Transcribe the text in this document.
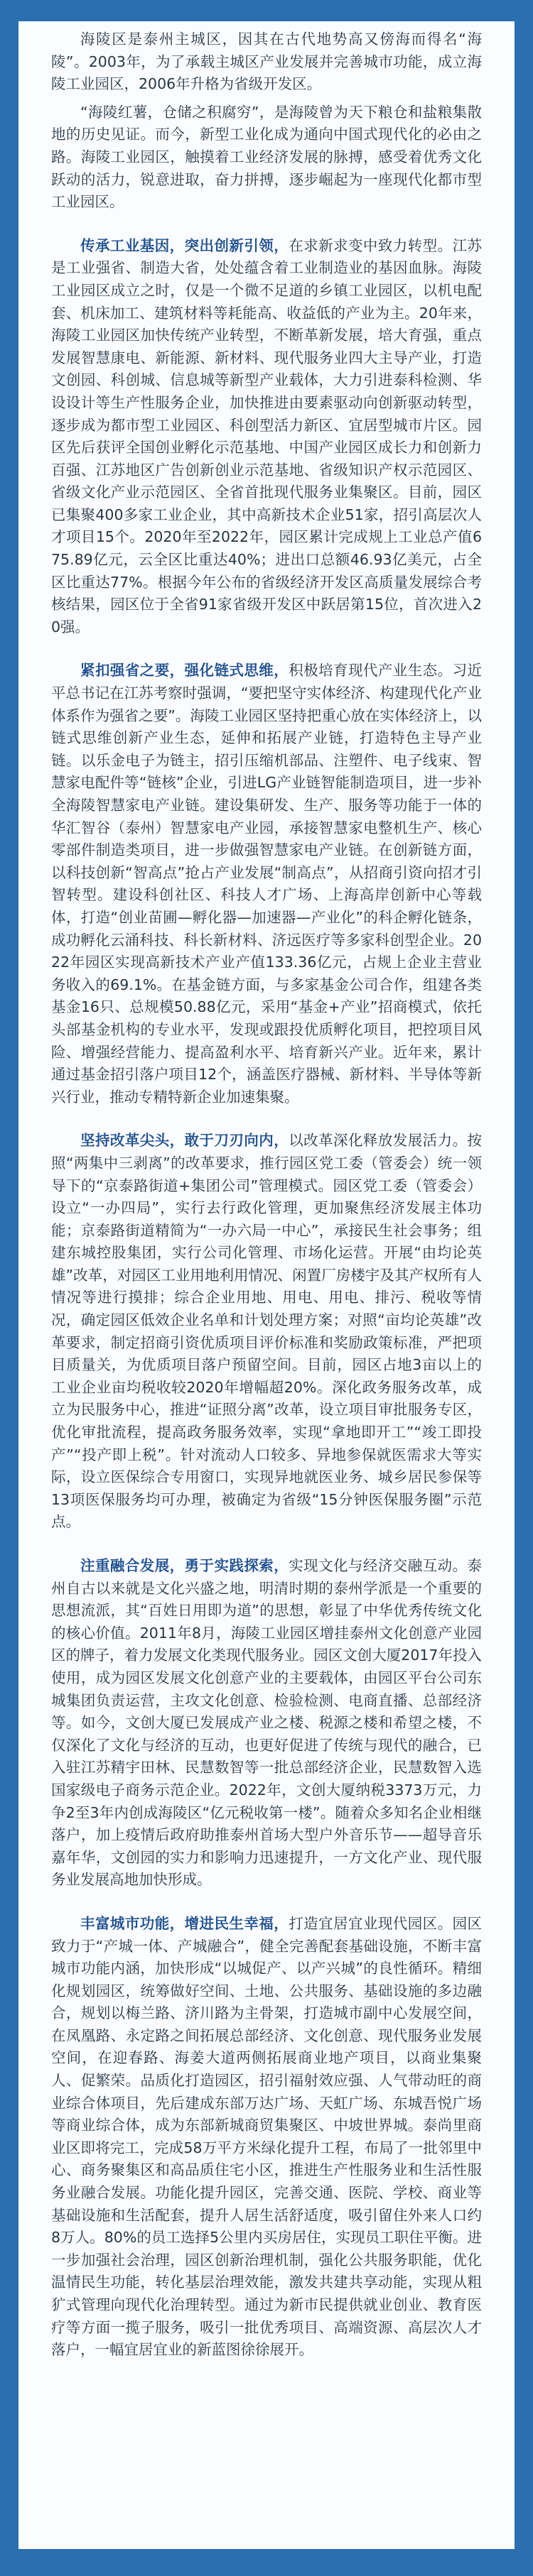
海陵区是泰州主城区，因其在古代地势高又傍海而得名“海陵”。2003年，为了承载主城区产业发展并完善城市功能，成立海陵工业园区，2006年升格为省级开发区。

“海陵红薯，仓储之积腐穷”，是海陵曾为天下粮仓和盐粮集散地的历史见证。而今，新型工业化成为通向中国式现代化的必由之路。海陵工业园区，触摸着工业经济发展的脉搏，感受着优秀文化跃动的活力，锐意进取，奋力拼搏，逐步崛起为一座现代化都市型工业园区。

传承工业基因，突出创新引领，在求新求变中致力转型。江苏是工业强省、制造大省，处处蕴含着工业制造业的基因血脉。海陵工业园区成立之时，仅是一个微不足道的乡镇工业园区，以机电配套、机床加工、建筑材料等耗能高、收益低的产业为主。20年来，海陵工业园区加快传统产业转型，不断革新发展，培大育强，重点发展智慧康电、新能源、新材料、现代服务业四大主导产业，打造文创园、科创城、信息城等新型产业载体，大力引进泰科检测、华设设计等生产性服务企业，加快推进由要素驱动向创新驱动转型，逐步成为都市型工业园区、科创型活力新区、宜居型城市片区。园区先后获评全国创业孵化示范基地、中国产业园区成长力和创新力百强、江苏地区广告创新创业示范基地、省级知识产权示范园区、省级文化产业示范园区、全省首批现代服务业集聚区。目前，园区已集聚400多家工业企业，其中高新技术企业51家，招引高层次人才项目15个。2020年至2022年，园区累计完成规上工业总产值675.89亿元，云全区比重达40%；进出口总额46.93亿美元，占全区比重达77%。根据今年公布的省级经济开发区高质量发展综合考核结果，园区位于全省91家省级开发区中跃居第15位，首次进入20强。

紧扣强省之要，强化链式思维，积极培育现代产业生态。习近平总书记在江苏考察时强调，“要把坚守实体经济、构建现代化产业体系作为强省之要”。海陵工业园区坚持把重心放在实体经济上，以链式思维创新产业生态，延伸和拓展产业链，打造特色主导产业链。以乐金电子为链主，招引压缩机部品、注塑件、电子线束、智慧家电配件等“链核”企业，引进LG产业链智能制造项目，进一步补全海陵智慧家电产业链。建设集研发、生产、服务等功能于一体的华汇智谷（泰州）智慧家电产业园，承接智慧家电整机生产、核心零部件制造类项目，进一步做强智慧家电产业链。在创新链方面，以科技创新“智高点”抢占产业发展“制高点”，从招商引资向招才引智转型。建设科创社区、科技人才广场、上海高岸创新中心等载体，打造“创业苗圃—孵化器—加速器—产业化”的科企孵化链条，成功孵化云涌科技、科长新材料、济远医疗等多家科创型企业。2022年园区实现高新技术产业产值133.36亿元，占规上企业主营业务收入的69.1%。在基金链方面，与多家基金公司合作，组建各类基金16只、总规模50.88亿元，采用“基金+产业”招商模式，依托头部基金机构的专业水平，发现或跟投优质孵化项目，把控项目风险、增强经营能力、提高盈利水平、培育新兴产业。近年来，累计通过基金招引落户项目12个，涵盖医疗器械、新材料、半导体等新兴行业，推动专精特新企业加速集聚。

坚持改革尖头，敢于刀刃向内，以改革深化释放发展活力。按照“两集中三剥离”的改革要求，推行园区党工委（管委会）统一领导下的“京泰路街道+集团公司”管理模式。园区党工委（管委会）设立“一办四局”，实行去行政化管理，更加聚焦经济发展主体功能；京泰路街道精简为“一办六局一中心”，承接民生社会事务；组建东城控股集团，实行公司化管理、市场化运营。开展“由均论英雄”改革，对园区工业用地利用情况、闲置厂房楼宇及其产权所有人情况等进行摸排；综合企业用地、用电、用电、排污、税收等情况，确定园区低效企业名单和计划处理方案；对照“亩均论英雄”改革要求，制定招商引资优质项目评价标准和奖励政策标准，严把项目质量关，为优质项目落户预留空间。目前，园区占地3亩以上的工业企业亩均税收较2020年增幅超20%。深化政务服务改革，成立为民服务中心，推进“证照分离”改革，设立项目审批服务专区，优化审批流程，提高政务服务效率，实现“拿地即开工”“竣工即投产”“投产即上税”。针对流动人口较多、异地参保就医需求大等实际，设立医保综合专用窗口，实现异地就医业务、城乡居民参保等13项医保服务均可办理，被确定为省级“15分钟医保服务圈”示范点。

注重融合发展，勇于实践探索，实现文化与经济交融互动。泰州自古以来就是文化兴盛之地，明清时期的泰州学派是一个重要的思想流派，其“百姓日用即为道”的思想，彰显了中华优秀传统文化的核心价值。2011年8月，海陵工业园区增挂泰州文化创意产业园区的牌子，着力发展文化类现代服务业。园区文创大厦2017年投入使用，成为园区发展文化创意产业的主要载体，由园区平台公司东城集团负责运营，主攻文化创意、检验检测、电商直播、总部经济等。如今，文创大厦已发展成产业之楼、税源之楼和希望之楼，不仅深化了文化与经济的互动，也更好促进了传统与现代的融合，已入驻江苏精宇田林、民慧数智等一批总部经济企业，民慧数智入选国家级电子商务示范企业。2022年，文创大厦纳税3373万元，力争2至3年内创成海陵区“亿元税收第一楼”。随着众多知名企业相继落户，加上疫情后政府助推泰州首场大型户外音乐节——超导音乐嘉年华，文创园的实力和影响力迅速提升，一方文化产业、现代服务业发展高地加快形成。

丰富城市功能，增进民生幸福，打造宜居宜业现代园区。园区致力于“产城一体、产城融合”，健全完善配套基础设施，不断丰富城市功能内涵，加快形成“以城促产、以产兴城”的良性循环。精细化规划园区，统筹做好空间、土地、公共服务、基础设施的多边融合，规划以梅兰路、济川路为主骨架，打造城市副中心发展空间，在凤凰路、永定路之间拓展总部经济、文化创意、现代服务业发展空间，在迎春路、海姜大道两侧拓展商业地产项目，以商业集聚人、促繁荣。品质化打造园区，招引福射效应强、人气带动旺的商业综合体项目，先后建成东部万达广场、天虹广场、东城吾悦广场等商业综合体，成为东部新城商贸集聚区、中坡世界城。泰尚里商业区即将完工，完成58万平方米绿化提升工程，布局了一批邻里中心、商务聚集区和高品质住宅小区，推进生产性服务业和生活性服务业融合发展。功能化提升园区，完善交通、医院、学校、商业等基础设施和生活配套，提升人居生活舒适度，吸引留住外来人口约8万人。80%的员工选择5公里内买房居住，实现员工职住平衡。进一步加强社会治理，园区创新治理机制，强化公共服务职能，优化温情民生功能，转化基层治理效能，激发共建共享动能，实现从粗犷式管理向现代化治理转型。通过为新市民提供就业创业、教育医疗等方面一揽子服务，吸引一批优秀项目、高端资源、高层次人才落户，一幅宜居宜业的新蓝图徐徐展开。
